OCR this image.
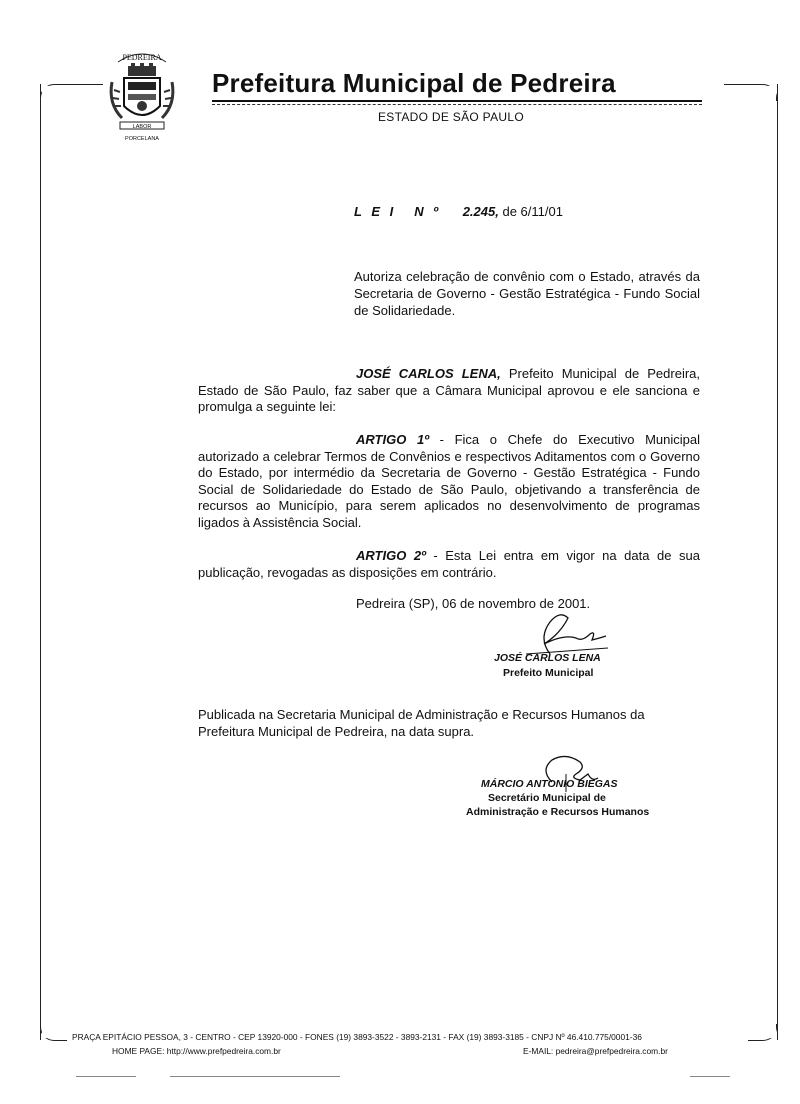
PEDREIRA
LABOR
PORCELANA
Prefeitura Municipal de Pedreira
ESTADO DE SÃO PAULO
L E I N º 2.245, de 6/11/01

Autoriza celebração de convênio com o Estado, através da Secretaria de Governo - Gestão Estratégica - Fundo Social de Solidariedade.

JOSÉ CARLOS LENA, Prefeito Municipal de Pedreira, Estado de São Paulo, faz saber que a Câmara Municipal aprovou e ele sanciona e promulga a seguinte lei:

ARTIGO 1º - Fica o Chefe do Executivo Municipal autorizado a celebrar Termos de Convênios e respectivos Aditamentos com o Governo do Estado, por intermédio da Secretaria de Governo - Gestão Estratégica - Fundo Social de Solidariedade do Estado de São Paulo, objetivando a transferência de recursos ao Município, para serem aplicados no desenvolvimento de programas ligados à Assistência Social.

ARTIGO 2º - Esta Lei entra em vigor na data de sua publicação, revogadas as disposições em contrário.

Pedreira (SP), 06 de novembro de 2001.
JOSÉ CARLOS LENA
Prefeito Municipal

Publicada na Secretaria Municipal de Administração e Recursos Humanos da Prefeitura Municipal de Pedreira, na data supra.

MÁRCIO ANTONIO BIEGAS
Secretário Municipal de
Administração e Recursos Humanos
PRAÇA EPITÁCIO PESSOA, 3 - CENTRO - CEP 13920-000 - FONES (19) 3893-3522 - 3893-2131 - FAX (19) 3893-3185 - CNPJ Nº 46.410.775/0001-36
HOME PAGE: http://www.prefpedreira.com.br	E-MAIL: pedreira@prefpedreira.com.br
